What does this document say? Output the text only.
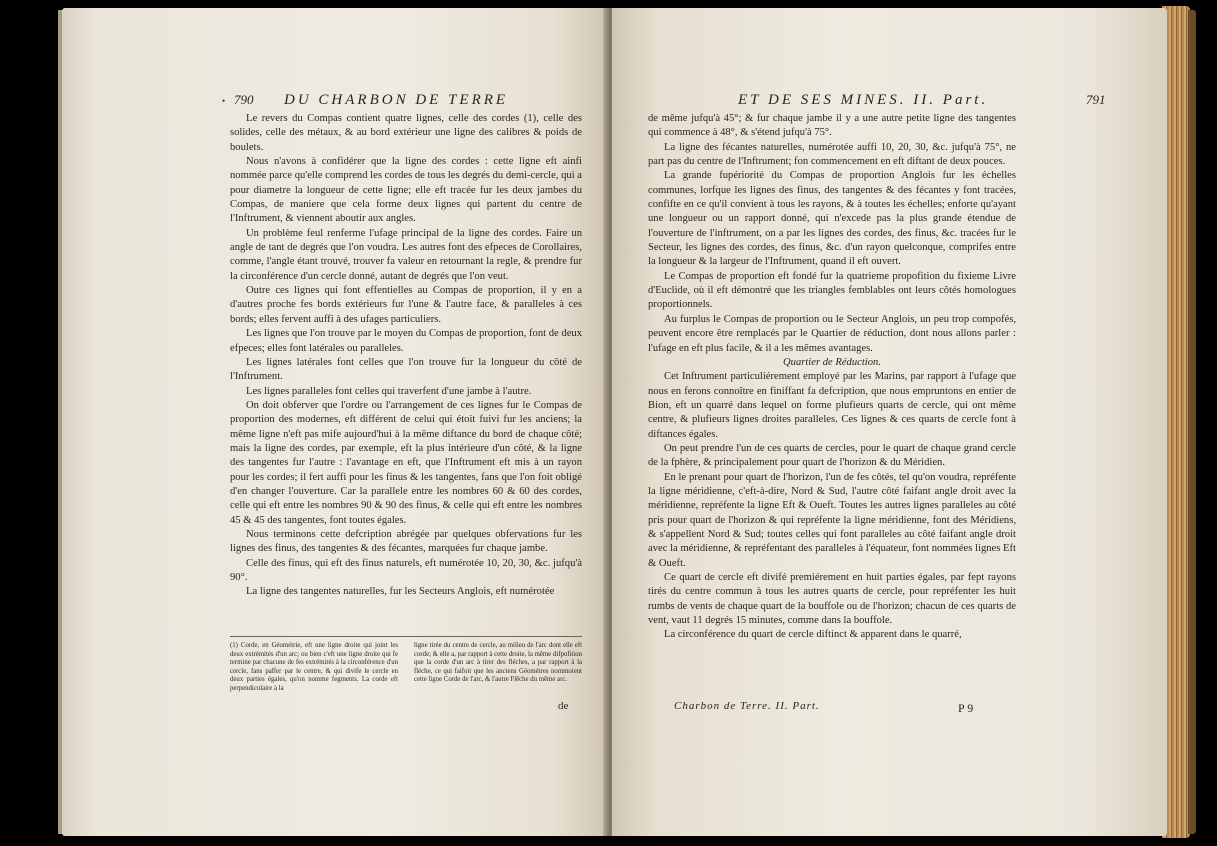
• 790 DU CHARBON DE TERRE

Le revers du Compas contient quatre lignes, celle des cordes (1), celle des solides, celle des métaux, & au bord extérieur une ligne des calibres & poids de boulets.

Nous n'avons à confidérer que la ligne des cordes : cette ligne eft ainfi nommée parce qu'elle comprend les cordes de tous les degrés du demi-cercle, qui a pour diametre la longueur de cette ligne; elle eft tracée fur les deux jambes du Compas, de maniere que cela forme deux lignes qui partent du centre de l'Inftrument, & viennent aboutir aux angles.

Un problème feul renferme l'ufage principal de la ligne des cordes. Faire un angle de tant de degrés que l'on voudra. Les autres font des efpeces de Corollaires, comme, l'angle étant trouvé, trouver fa valeur en retournant la regle, & prendre fur la circonférence d'un cercle donné, autant de degrés que l'on veut.

Outre ces lignes qui font effentielles au Compas de proportion, il y en a d'autres proche fes bords extérieurs fur l'une & l'autre face, & paralleles à ces bords; elles fervent auffi à des ufages particuliers.

Les lignes que l'on trouve par le moyen du Compas de proportion, font de deux efpeces; elles font latérales ou paralleles.

Les lignes latérales font celles que l'on trouve fur la longueur du côté de l'Inftrument.

Les lignes paralleles font celles qui traverfent d'une jambe à l'autre.

On doit obferver que l'ordre ou l'arrangement de ces lignes fur le Compas de proportion des modernes, eft différent de celui qui étoit fuivi fur les anciens; la même ligne n'eft pas mife aujourd'hui à la même diftance du bord de chaque côté; mais la ligne des cordes, par exemple, eft la plus intérieure d'un côté, & la ligne des tangentes fur l'autre : l'avantage en eft, que l'Inftrument eft mis à un rayon pour les cordes; il fert auffi pour les finus & les tangentes, fans que l'on foit obligé d'en changer l'ouverture. Car la parallele entre les nombres 60 & 60 des cordes, celle qui eft entre les nombres 90 & 90 des finus, & celle qui eft entre les nombres 45 & 45 des tangentes, font toutes égales.

Nous terminons cette defcription abrégée par quelques obfervations fur les lignes des finus, des tangentes & des fécantes, marquées fur chaque jambe.

Celle des finus, qui eft des finus naturels, eft numérotée 10, 20, 30, &c. jufqu'à 90°.

La ligne des tangentes naturelles, fur les Secteurs Anglois, eft numérotée

(1) Corde, en Géométrie, eft une ligne droite qui joint les deux extrémités d'un arc; ou bien c'eft une ligne droite qui fe termine par chacune de fes extrémités à la circonférence d'un cercle, fans paffer par le centre, & qui divife le cercle en deux parties égales, qu'on nomme fegments. La corde eft perpendiculaire à la
ligne tirée du centre de cercle, au milieu de l'arc dont elle eft corde; & elle a, par rapport à cette droite, la même difpofition que la corde d'un arc à tirer des fléches, a par rapport à la fléche, ce qui faifoit que les anciens Géométres nommoient cette ligne Corde de l'arc, & l'autre Flêche du même arc.
de
ET DE SES MINES. II. Part.	791

de même jufqu'à 45°; & fur chaque jambe il y a une autre petite ligne des tangentes qui commence à 48°, & s'étend jufqu'à 75°.

La ligne des fécantes naturelles, numérotée auffi 10, 20, 30, &c. jufqu'à 75°, ne part pas du centre de l'Inftrument; fon commencement en eft diftant de deux pouces.

La grande fupériorité du Compas de proportion Anglois fur les échelles communes, lorfque les lignes des finus, des tangentes & des fécantes y font tracées, confifte en ce qu'il convient à tous les rayons, & à toutes les échelles; enforte qu'ayant une longueur ou un rapport donné, qui n'excede pas la plus grande étendue de l'ouverture de l'inftrument, on a par les lignes des cordes, des finus, &c. tracées fur le Secteur, les lignes des cordes, des finus, &c. d'un rayon quelconque, comprifes entre la longueur & la largeur de l'Inftrument, quand il eft ouvert.

Le Compas de proportion eft fondé fur la quatrieme propofition du fixieme Livre d'Euclide, où il eft démontré que les triangles femblables ont leurs côtés homologues proportionnels.

Au furplus le Compas de proportion ou le Secteur Anglois, un peu trop compofés, peuvent encore être remplacés par le Quartier de réduction, dont nous allons parler : l'ufage en eft plus facile, & il a les mêmes avantages.

Quartier de Réduction.

Cet Inftrument particuliérement employé par les Marins, par rapport à l'ufage que nous en ferons connoître en finiffant fa defcription, que nous empruntons en entier de Bion, eft un quarré dans lequel on forme plufieurs quarts de cercle, qui ont même centre, & plufieurs lignes droites paralleles. Ces lignes & ces quarts de cercle font à diftances égales.

On peut prendre l'un de ces quarts de cercles, pour le quart de chaque grand cercle de la fphère, & principalement pour quart de l'horizon & du Méridien.

En le prenant pour quart de l'horizon, l'un de fes côtés, tel qu'on voudra, repréfente la ligne méridienne, c'eft-à-dire, Nord & Sud, l'autre côté faifant angle droit avec la méridienne, repréfente la ligne Eft & Oueft. Toutes les autres lignes paralleles au côté pris pour quart de l'horizon & qui repréfente la ligne méridienne, font des Méridiens, & s'appellent Nord & Sud; toutes celles qui font paralleles au côté faifant angle droit avec la méridienne, & repréfentant des paralleles à l'équateur, font nommées lignes Eft & Oueft.

Ce quart de cercle eft divifé premiérement en huit parties égales, par fept rayons tirés du centre commun à tous les autres quarts de cercle, pour repréfenter les huit rumbs de vents de chaque quart de la bouffole ou de l'horizon; chacun de ces quarts de vent, vaut 11 degrés 15 minutes, comme dans la bouffole.

La circonférence du quart de cercle diftinct & apparent dans le quarré,

Charbon de Terre. II. Part.	P 9
